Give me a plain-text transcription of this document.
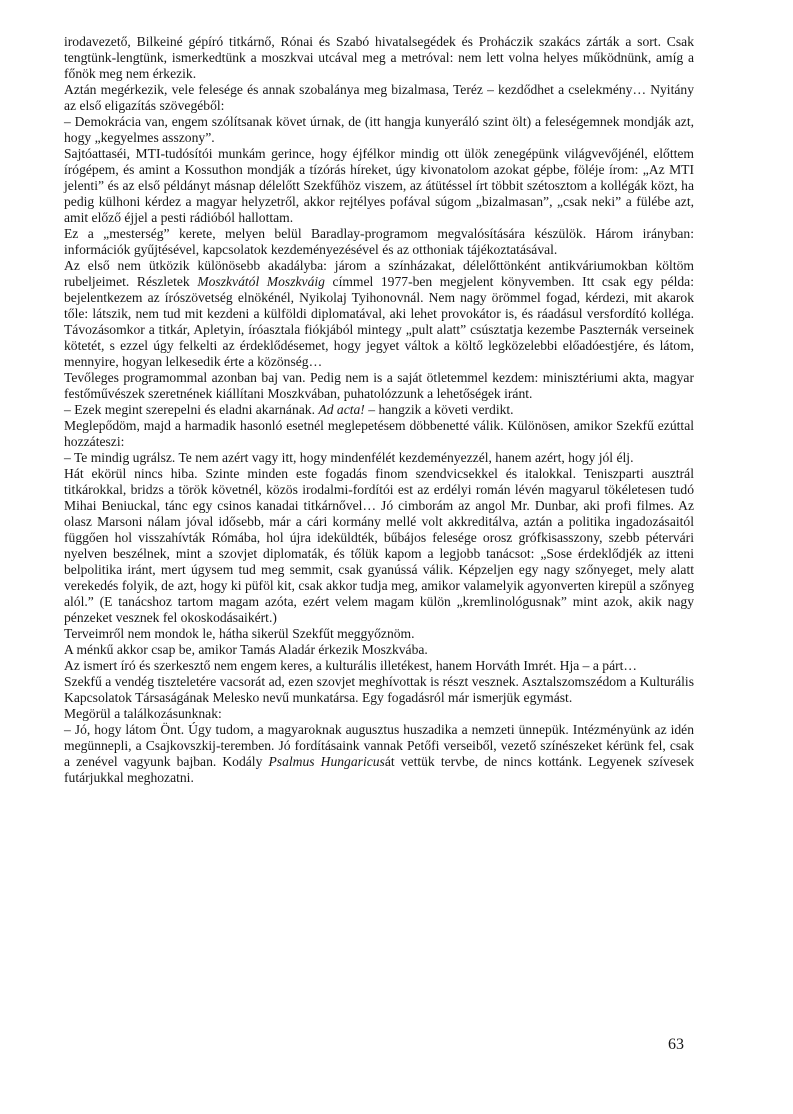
irodavezető, Bilkeiné gépíró titkárnő, Rónai és Szabó hivatalsegédek és Proháczik szakács zárták a sort. Csak tengtünk-lengtünk, ismerkedtünk a moszkvai utcával meg a metróval: nem lett volna helyes működnünk, amíg a főnök meg nem érkezik.

Aztán megérkezik, vele felesége és annak szobalánya meg bizalmasa, Teréz – kezdődhet a cselekmény… Nyitány az első eligazítás szövegéből:

– Demokrácia van, engem szólítsanak követ úrnak, de (itt hangja kunyeráló szint ölt) a feleségemnek mondják azt, hogy „kegyelmes asszony”.

Sajtóattaséi, MTI-tudósítói munkám gerince, hogy éjfélkor mindig ott ülök zenegépünk világvevőjénél, előttem írógépem, és amint a Kossuthon mondják a tízórás híreket, úgy kivonatolom azokat gépbe, föléje írom: „Az MTI jelenti” és az első példányt másnap délelőtt Szekfűhöz viszem, az átütéssel írt többit szétosztom a kollégák közt, ha pedig külhoni kérdez a magyar helyzetről, akkor rejtélyes pofával súgom „bizalmasan”, „csak neki” a fülébe azt, amit előző éjjel a pesti rádióból hallottam.

Ez a „mesterség” kerete, melyen belül Baradlay-programom megvalósítására készülök. Három irányban: információk gyűjtésével, kapcsolatok kezdeményezésével és az otthoniak tájékoztatásával.

Az első nem ütközik különösebb akadályba: járom a színházakat, délelőttönként antikváriumokban költöm rubeljeimet. Részletek Moszkvától Moszkváig címmel 1977-ben megjelent könyvemben. Itt csak egy példa: bejelentkezem az írószövetség elnökénél, Nyikolaj Tyihonovnál. Nem nagy örömmel fogad, kérdezi, mit akarok tőle: látszik, nem tud mit kezdeni a külföldi diplomatával, aki lehet provokátor is, és ráadásul versfordító kolléga. Távozásomkor a titkár, Apletyin, íróasztala fiókjából mintegy „pult alatt” csúsztatja kezembe Paszternák verseinek kötetét, s ezzel úgy felkelti az érdeklődésemet, hogy jegyet váltok a költő legközelebbi előadóestjére, és látom, mennyire, hogyan lelkesedik érte a közönség…

Tevőleges programommal azonban baj van. Pedig nem is a saját ötletemmel kezdem: minisztériumi akta, magyar festőművészek szeretnének kiállítani Moszkvában, puhatolózzunk a lehetőségek iránt.

– Ezek megint szerepelni és eladni akarnának. Ad acta! – hangzik a követi verdikt.

Meglepődöm, majd a harmadik hasonló esetnél meglepetésem döbbenetté válik. Különösen, amikor Szekfű ezúttal hozzáteszi:

– Te mindig ugrálsz. Te nem azért vagy itt, hogy mindenfélét kezdeményezzél, hanem azért, hogy jól élj.

Hát ekörül nincs hiba. Szinte minden este fogadás finom szendvicsekkel és italokkal. Teniszparti ausztrál titkárokkal, bridzs a török követnél, közös irodalmi-fordítói est az erdélyi román lévén magyarul tökéletesen tudó Mihai Beniuckal, tánc egy csinos kanadai titkárnővel… Jó cimborám az angol Mr. Dunbar, aki profi filmes. Az olasz Marsoni nálam jóval idősebb, már a cári kormány mellé volt akkreditálva, aztán a politika ingadozásaitól függően hol visszahívták Rómába, hol újra ideküldték, bűbájos felesége orosz grófkisasszony, szebb pétervári nyelven beszélnek, mint a szovjet diplomaták, és tőlük kapom a legjobb tanácsot: „Sose érdeklődjék az itteni belpolitika iránt, mert úgysem tud meg semmit, csak gyanússá válik. Képzeljen egy nagy szőnyeget, mely alatt verekedés folyik, de azt, hogy ki püföl kit, csak akkor tudja meg, amikor valamelyik agyonverten kirepül a szőnyeg alól.” (E tanácshoz tartom magam azóta, ezért velem magam külön „kremlinológusnak” mint azok, akik nagy pénzeket vesznek fel okoskodásaikért.)

Terveimről nem mondok le, hátha sikerül Szekfűt meggyőznöm.

A ménkű akkor csap be, amikor Tamás Aladár érkezik Moszkvába.

Az ismert író és szerkesztő nem engem keres, a kulturális illetékest, hanem Horváth Imrét. Hja – a párt…

Szekfű a vendég tiszteletére vacsorát ad, ezen szovjet meghívottak is részt vesznek. Asztalszomszédom a Kulturális Kapcsolatok Társaságának Melesko nevű munkatársa. Egy fogadásról már ismerjük egymást.

Megörül a találkozásunknak:

– Jó, hogy látom Önt. Úgy tudom, a magyaroknak augusztus huszadika a nemzeti ünnepük. Intézményünk az idén megünnepli, a Csajkovszkij-teremben. Jó fordításaink vannak Petőfi verseiből, vezető színészeket kérünk fel, csak a zenével vagyunk bajban. Kodály Psalmus Hungaricusát vettük tervbe, de nincs kottánk. Legyenek szívesek futárjukkal meghozatni.

63
